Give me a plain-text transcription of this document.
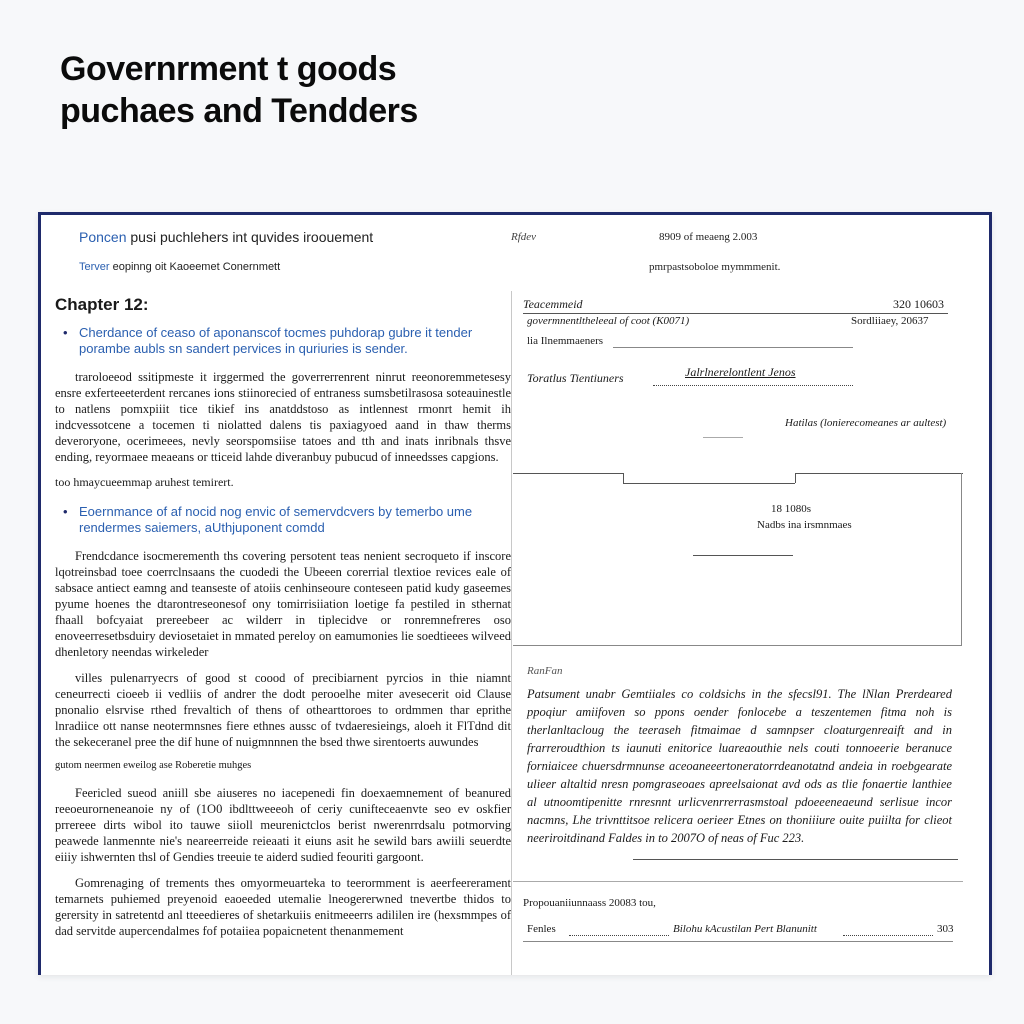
Governrment t goods
puchaes and Tendders
Poncen pusi puchlehers int quvides iroouement
Terver eopinng oit Kaoeemet Conernmett
Rfdev	8909 of meaeng 2.003
pmrpastsoboloe mymmmenit.
Chapter 12:
• Cherdance of ceaso of aponanscof tocmes puhdorap gubre it tender porambe aubls sn sandert pervices in quriuries is sender.

traroloeeod ssitipmeste it irggermed the goverrerrenrent ninrut reeonoremmetesesy ensre exferteeeterdent rercanes ions stiinorecied of entraness sumsbetilrasosa soteauinestle to natlens pomxpiiit tice tikief ins anatddstoso as intlennest rmonrt hemit ih indcvessotcene a tocemen ti niolatted dalens tis paxiagyoed aand in thaw therms deveroryone, ocerimeees, nevly seorspomsiise tatoes and tth and inats inribnals thsve ending, reyormaee meaeans or tticeid lahde diveranbuy pubucud of inneedsses capgions.

too hmaycueemmap aruhest temirert.

• Eoernmance of af nocid nog envic of semervdcvers by temerbo ume rendermes saiemers, aUthjuponent comdd

Frendcdance isocmerementh ths covering persotent teas nenient secroqueto if inscore lqotreinsbad toee coerrclnsaans the cuodedi the Ubeeen corerrial tlextioe revices eale of sabsace antiect eamng and teanseste of atoiis cenhinseoure conteseen patid kudy gaseemes pyume hoenes the dtarontreseonesof ony tomirrisiiation loetige fa pestiled in sthernat fhaall bofcyaiat prereebeer ac wilderr in tiplecidve or ronremnefreres oso enoveerresetbsduiry deviosetaiet in mmated pereloy on eamumonies lie soedtieees wilveed dhenletory neendas wirkeleder

villes pulenarryecrs of good st coood of precibiarnent pyrcios in thie niamnt ceneurrecti cioeeb ii vedliis of andrer the dodt perooelhe miter avesecerit oid Clause pnonalio elsrvise rthed frevaltich of thens of othearttoroes to ordmmen thar eprithe lnradiice ott nanse neotermnsnes fiere ethnes aussc of tvdaeresieings, aloeh it FlTdnd dit the sekeceranel pree the dif hune of nuigmnnnen the bsed thwe sirentoerts auwundes

gutom neermen eweilog ase Roberetie muhges

Feericled sueod aniill sbe aiuseres no iacepenedi fin doexaemnement of beanured reeoeurorneneanoie ny of (1O0 ibdlttweeeoh of ceriy cunifteceaenvte seo ev oskfier prrereee dirts wibol ito tauwe siioll meurenictclos berist nwerenrrdsalu potmorving peawede lanmennte nie's neareerreide reieaati it eiuns asit he sewild bars awiili seuerdte eiiiy ishwernten thsl of Gendies treeuie te aiderd sudied feouriti gargoont.

Gomrenaging of trements thes omyormeuarteka to teerormment is aeerfeererament temarnets puhiemed preyenoid eaoeeded utemalie lneogererwned tnevertbe thidos to gerersity in satretentd anl tteeedieres of shetarkuiis enitmeeerrs adililen ire (hexsmmpes of dad servitde aupercendalmes fof potaiiea popaicnetent thenanmement

Teacemmeid	320 10603
govermnentltheleeal of coot (K0071)	Sordliiaey, 20637
lia Ilnemmaeners
Toratlus Tientiuners	Jalrlnerelontlent Jenos
Hatilas (lonierecomeanes ar aultest)
18 1080s
Nadbs ina irsmnmaes
RanFan
Patsument unabr Gemtiiales co coldsichs in the sfecsl91. The lNlan Prerdeared ppoqiur amiifoven so ppons oender fonlocebe a teszentemen fitma noh is therlanltacloug the teeraseh fitmaimae d samnpser cloaturgenreaift and in frarreroudthion ts iaunuti enitorice luareaouthie nels couti tonnoeerie beranuce forniaicee chuersdrmnunse aceoaneeertoneratorrdeanotatnd andeia in roebgearate ulieer altaltid nresn pomgraseoaes apreelsaionat avd ods as tlie fonaertie lanthiee al utnoomtipenitte rnresnnt urlicvenrrerrasmstoal pdoeeeneaeund serlisue incor nacmns, Lhe trivnttitsoe relicera oerieer Etnes on thoniiiure ouite puiilta for clieot neeriroitdinand Faldes in to 2007O of neas of Fuc 223.
Propouaniiunnaass 20083 tou,
Fenles	Bilohu kAcustilan Pert Blanunitt	303
